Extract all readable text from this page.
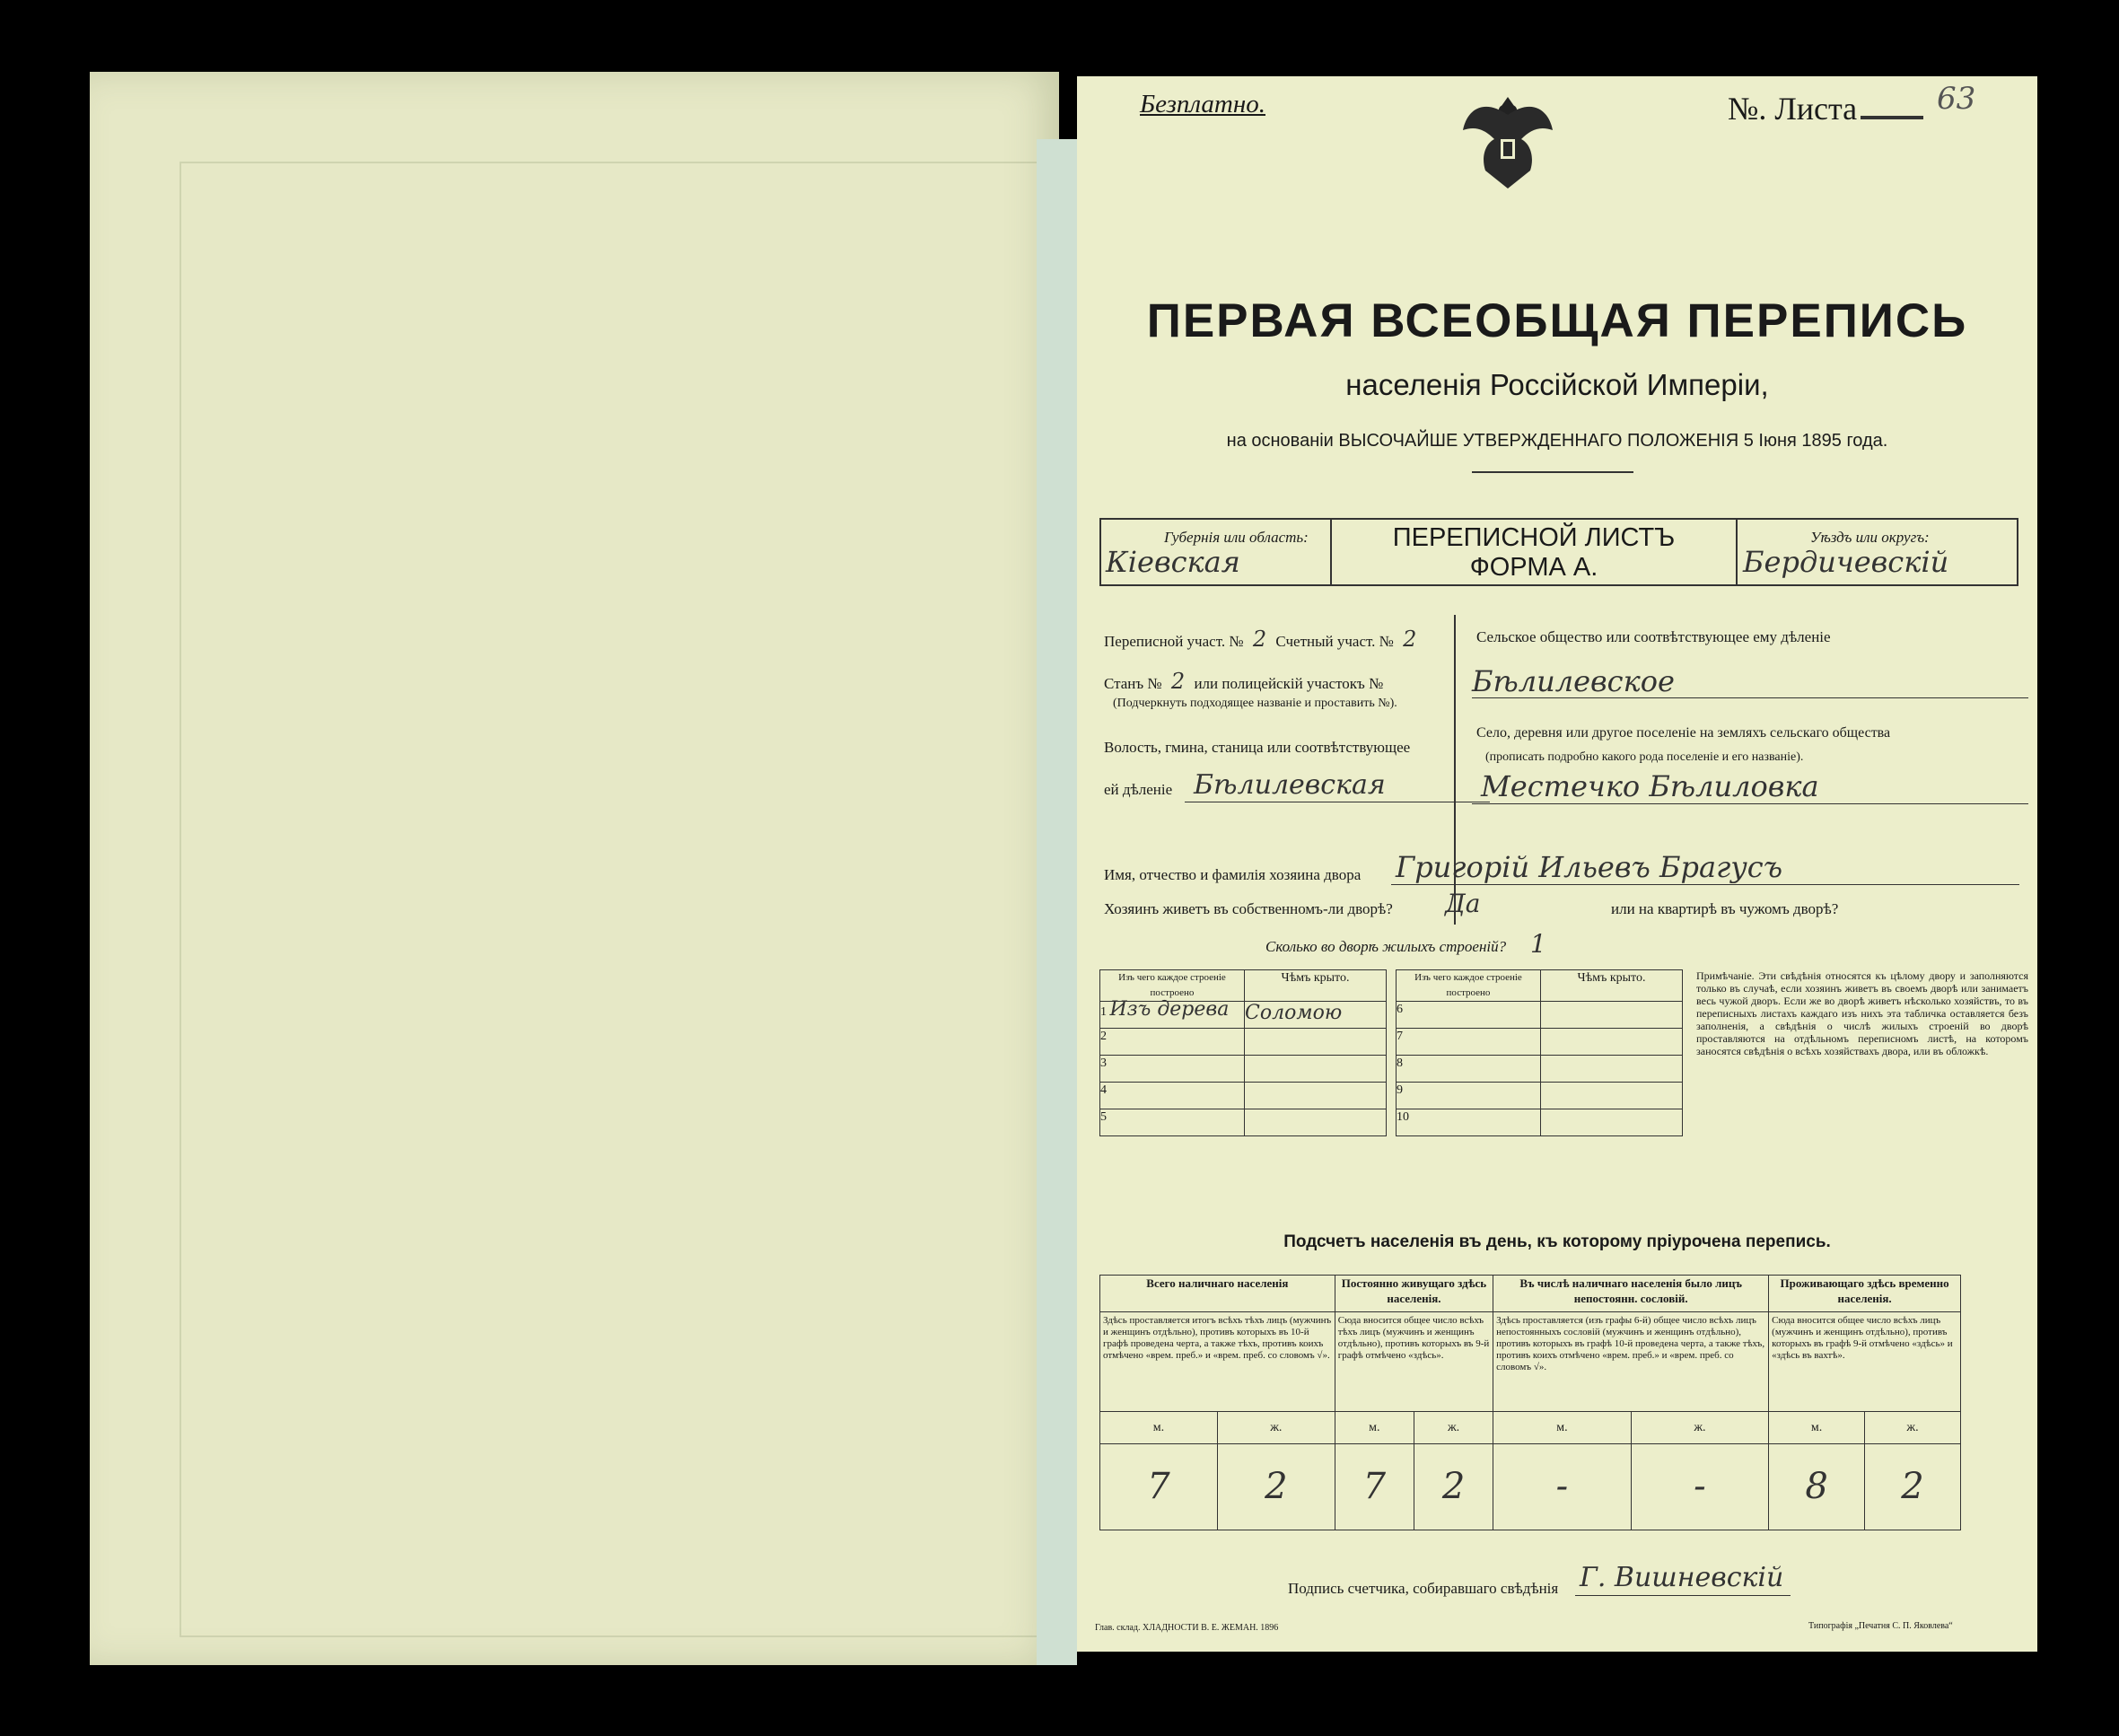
Безплатно.	№. Листа	63
ПЕРВАЯ ВСЕОБЩАЯ ПЕРЕПИСЬ
населенія Россійской Имперіи,
на основаніи ВЫСОЧАЙШЕ УТВЕРЖДЕННАГО ПОЛОЖЕНІЯ 5 Іюня 1895 года.
Губернія или область:
Кіевская
ПЕРЕПИСНОЙ ЛИСТЪ
ФОРМА А.
Уѣздъ или округъ:
Бердичевскій
Переписной участ. № 2 Счетный участ. № 2
Станъ № 2 или полицейскій участокъ №
(Подчеркнуть подходящее названіе и проставить №).
Волость, гмина, станица или соотвѣтствующее
ей дѣленіе Бѣлилевская
Сельское общество или соотвѣтствующее ему дѣленіе
Бѣлилевское
Село, деревня или другое поселеніе на земляхъ сельскаго общества
(прописать подробно какого рода поселеніе и его названіе).
Местечко Бѣлиловка
Имя, отчество и фамилія хозяина двора Григорій Ильевъ Брагусъ
Хозяинъ живетъ въ собственномъ-ли дворѣ? Да	или на квартирѣ въ чужомъ дворѣ?
Сколько во дворѣ жилыхъ строеній? 1
Изъ чего каждое строеніе построено	Чѣмъ крыто.
1 Изъ дерева	Соломою
2	
3	
4	
5	
Изъ чего каждое строеніе построено	Чѣмъ крыто.
6	
7	
8	
9	
10	
Примѣчаніе. Эти свѣдѣнія относятся къ цѣлому двору и заполняются только въ случаѣ, если хозяинъ живетъ въ своемъ дворѣ или занимаетъ весь чужой дворъ. Если же во дворѣ живетъ нѣсколько хозяйствъ, то въ переписныхъ листахъ каждаго изъ нихъ эта табличка оставляется безъ заполненія, а свѣдѣнія о числѣ жилыхъ строеній во дворѣ проставляются на отдѣльномъ переписномъ листѣ, на которомъ заносятся свѣдѣнія о всѣхъ хозяйствахъ двора, или въ обложкѣ.
Подсчетъ населенія въ день, къ которому пріурочена перепись.
Всего наличнаго населенія		Постоянно живущаго здѣсь населенія.		Въ числѣ наличнаго населенія было лицъ непостоянн. сословій.		Проживающаго здѣсь временно населенія.	
Здѣсь проставляется итогъ всѣхъ тѣхъ лицъ (мужчинъ и женщинъ отдѣльно), противъ которыхъ въ 10-й графѣ проведена черта, а также тѣхъ, противъ коихъ отмѣчено «врем. преб.» и «врем. преб. со словомъ √».		Сюда вносится общее число всѣхъ тѣхъ лицъ (мужчинъ и женщинъ отдѣльно), противъ которыхъ въ 9-й графѣ отмѣчено «здѣсь».		Здѣсь проставляется (изъ графы 6-й) общее число всѣхъ лицъ непостоянныхъ сословій (мужчинъ и женщинъ отдѣльно), противъ которыхъ въ графѣ 10-й проведена черта, а также тѣхъ, противъ коихъ отмѣчено «врем. преб.» и «врем. преб. со словомъ √».		Сюда вносится общее число всѣхъ лицъ (мужчинъ и женщинъ отдѣльно), противъ которыхъ въ графѣ 9-й отмѣчено «здѣсь» и «здѣсь въ вахтѣ».	
м.	ж.	м.	ж.	м.	ж.	м.	ж.
7	2	7	2	-	-	8	2
Подпись счетчика, собиравшаго свѣдѣнія Г. Вишневскій
Глав. склад. ХЛАДНОСТИ В. Е. ЖЕМАН. 1896	Типографія „Печатня С. П. Яковлева“
